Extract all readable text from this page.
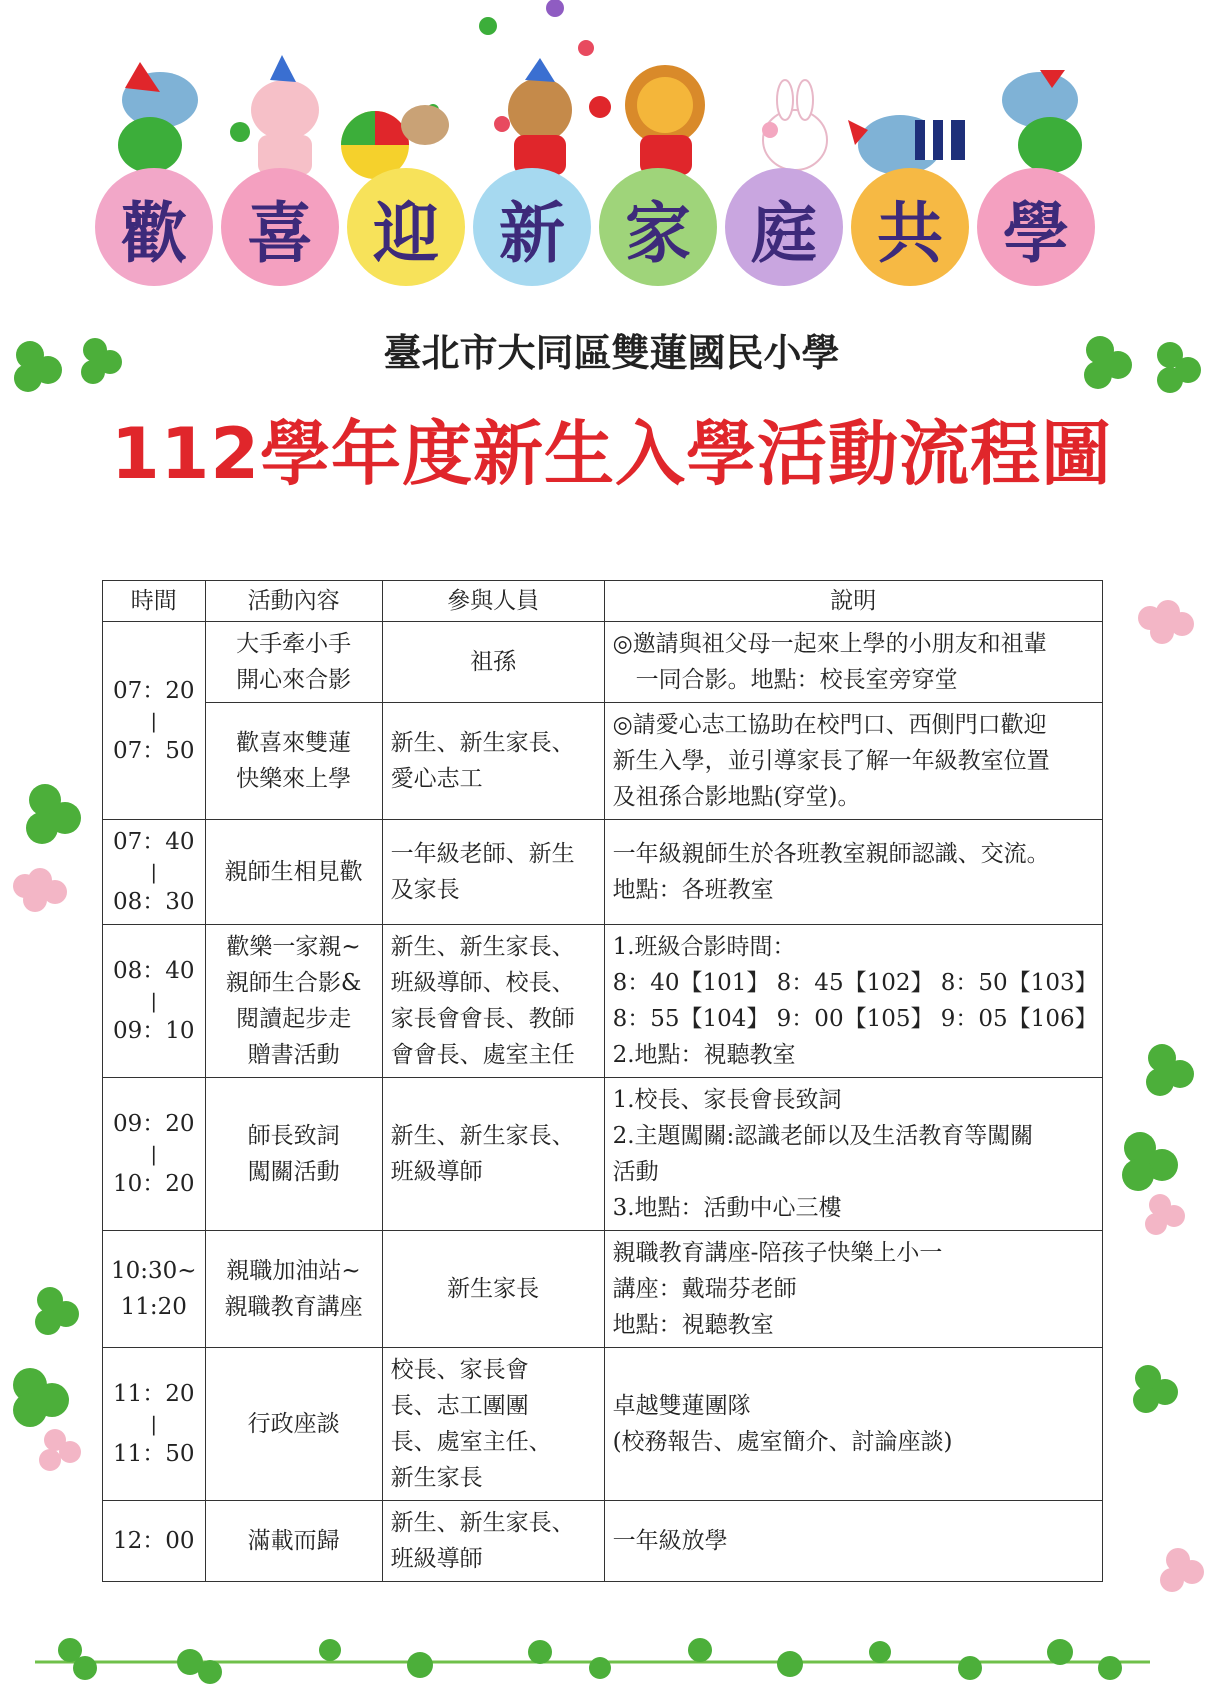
歡 喜 迎 新 家 庭 共 學
臺北市大同區雙蓮國民小學
112學年度新生入學活動流程圖
時間	活動內容	參與人員	說明

07：20
|
07：50	大手牽小手
開心來合影	祖孫	◎邀請與祖父母一起來上學的小朋友和祖輩
　一同合影。地點：校長室旁穿堂

	歡喜來雙蓮
快樂來上學	新生、新生家長、
愛心志工	◎請愛心志工協助在校門口、西側門口歡迎
新生入學，並引導家長了解一年級教室位置
及祖孫合影地點(穿堂)。

07：40
|
08：30	親師生相見歡	一年級老師、新生
及家長	一年級親師生於各班教室親師認識、交流。
地點：各班教室

08：40
|
09：10	歡樂一家親~
親師生合影&
閱讀起步走
贈書活動	新生、新生家長、
班級導師、校長、
家長會會長、教師
會會長、處室主任	1.班級合影時間：
8：40【101】 8：45【102】 8：50【103】
8：55【104】 9：00【105】 9：05【106】
2.地點：視聽教室

09：20
|
10：20	師長致詞
闖關活動	新生、新生家長、
班級導師	1.校長、家長會長致詞
2.主題闖關:認識老師以及生活教育等闖關
活動
3.地點：活動中心三樓

10:30~
11:20	親職加油站~
親職教育講座	新生家長	親職教育講座-陪孩子快樂上小一
講座：戴瑞芬老師
地點：視聽教室

11：20
|
11：50	行政座談	校長、家長會
長、志工團團
長、處室主任、
新生家長	卓越雙蓮團隊
(校務報告、處室簡介、討論座談)

12：00	滿載而歸	新生、新生家長、
班級導師	一年級放學
